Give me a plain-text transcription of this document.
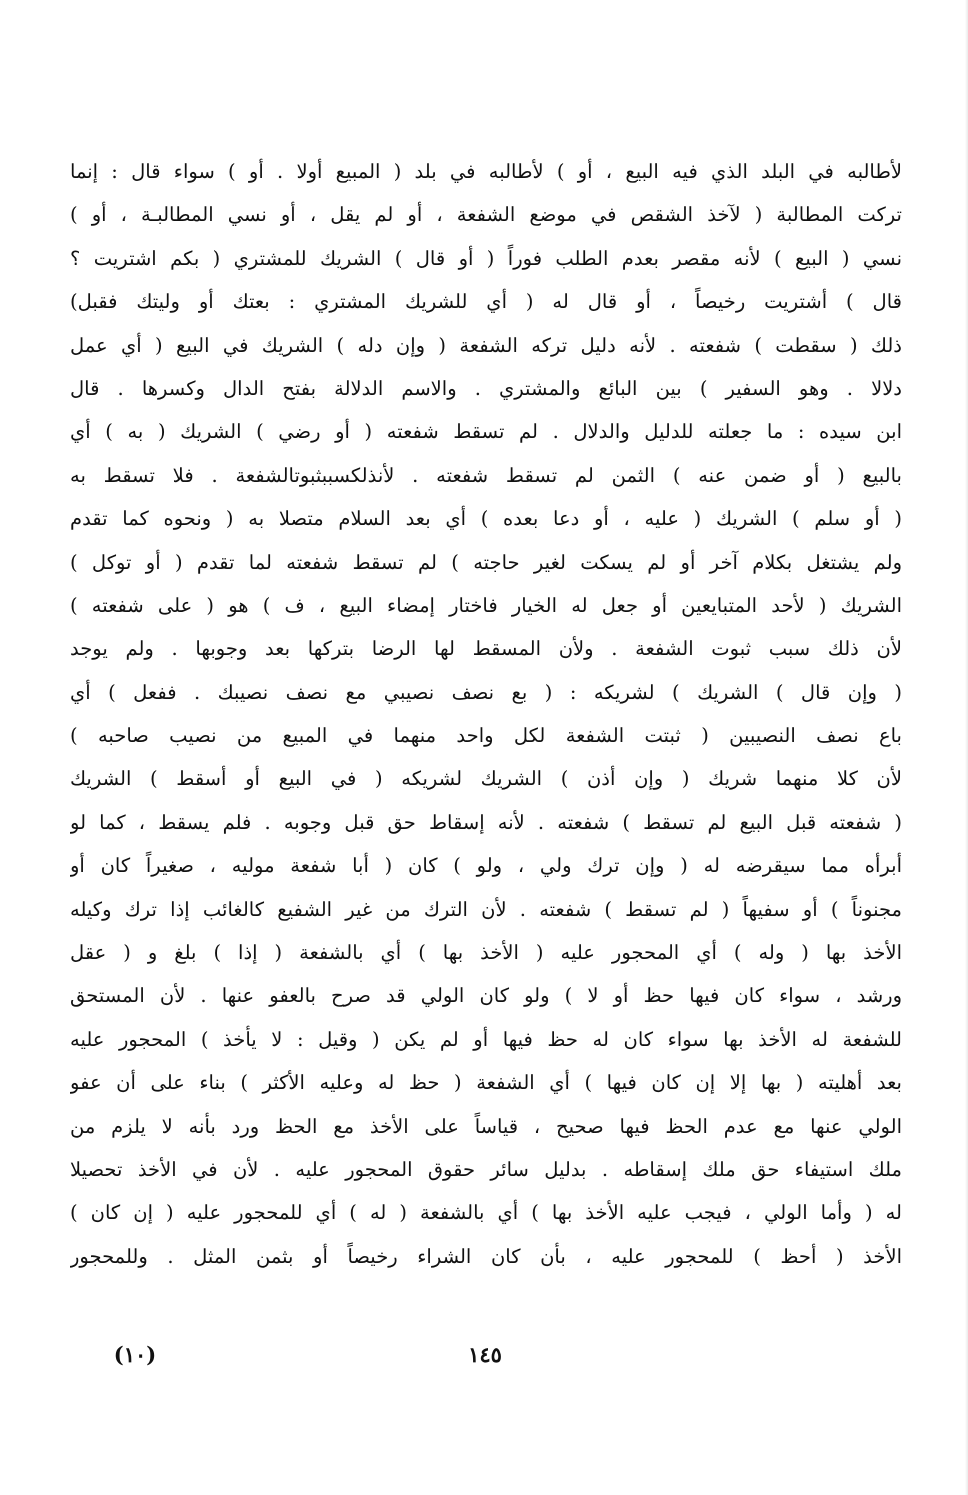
لأطالبه في البلد الذي فيه البيع ، أو ) لأطالبه في بلد ( المبيع أولا . أو ) سواء قال : إنما
تركت المطالبة ( لآخذ الشقص في موضع الشفعة ، أو لم يقل ، أو نسي المطالبـة ، أو )
نسي ( البيع ) لأنه مقصر بعدم الطلب فوراً ( أو قال ) الشريك للمشتري ( بكم اشتريت ؟
قال ) أشتريت رخيصاً ، أو قال له ( أي للشريك المشتري : بعتك أو وليتك فقبل)
ذلك ( سقطت ) شفعته . لأنه دليل تركه الشفعة ( وإن دله ) الشريك في البيع ( أي عمل
دلالا . وهو السفير ) بين البائع والمشتري . والاسم الدلالة بفتح الدال وكسرها . قال
ابن سيده : ما جعلته للدليل والدلال . لم تسقط شفعته ( أو رضي ) الشريك ( به ) أي
بالبيع ( أو ضمن عنه ) الثمن لم تسقط شفعته . لأنذلكسببثبوتالشفعة . فلا تسقط به
( أو سلم ) الشريك ( عليه ، أو دعا بعده ) أي بعد السلام متصلا به ( ونحوه كما تقدم
ولم يشتغل بكلام آخر أو لم يسكت لغير حاجته ) لم تسقط شفعته لما تقدم ( أو توكل )
الشريك ( لأحد المتبايعين أو جعل له الخيار فاختار إمضاء البيع ، ف ) هو ( على شفعته )
لأن ذلك سبب ثبوت الشفعة . ولأن المسقط لها الرضا بتركها بعد وجوبها . ولم يوجد
( وإن قال ) الشريك ) لشريكه : ( بع نصف نصيبي مع نصف نصيبك . ففعل ) أي
باع نصف النصيبين ( ثبتت الشفعة لكل واحد منهما في المبيع من نصيب صاحبه )
لأن كلا منهما شريك ( وإن أذن ) الشريك لشريكه ( في البيع أو أسقط ) الشريك
( شفعته قبل البيع لم تسقط ) شفعته . لأنه إسقاط حق قبل وجوبه . فلم يسقط ، كما لو
أبرأه مما سيقرضه له ( وإن ترك ولي ، ولو ) كان ( أبا شفعة موليه ، صغيراً كان أو
مجنوناً ) أو سفيهاً ( لم تسقط ) شفعته . لأن الترك من غير الشفيع كالغائب إذا ترك وكيله
الأخذ بها ( وله ) أي المحجور عليه ( الأخذ بها ) أي بالشفعة ( إذا ) بلغ و ( عقل
ورشد ، سواء كان فيها حظ أو لا ) ولو كان الولي قد صرح بالعفو عنها . لأن المستحق
للشفعة له الأخذ بها سواء كان له حظ فيها أو لم يكن ( وقيل : لا يأخذ ) المحجور عليه
بعد أهليته ( بها إلا إن كان فيها ) أي الشفعة ( حظ له وعليه الأكثر ) بناء على أن عفو
الولي عنها مع عدم الحظ فيها صحيح ، قياساً على الأخذ مع الحظ ورد بأنه لا يلزم من
ملك استيفاء حق ملك إسقاطه . بدليل سائر حقوق المحجور عليه . لأن في الأخذ تحصيلا
له ( وأما الولي ، فيجب عليه الأخذ بها ) أي بالشفعة ( له ) أي للمحجور عليه ( إن كان )
الأخذ ( أحظ ) للمحجور عليه ، بأن كان الشراء رخيصاً أو بثمن المثل . وللمحجور
١٤٥
(١٠)
